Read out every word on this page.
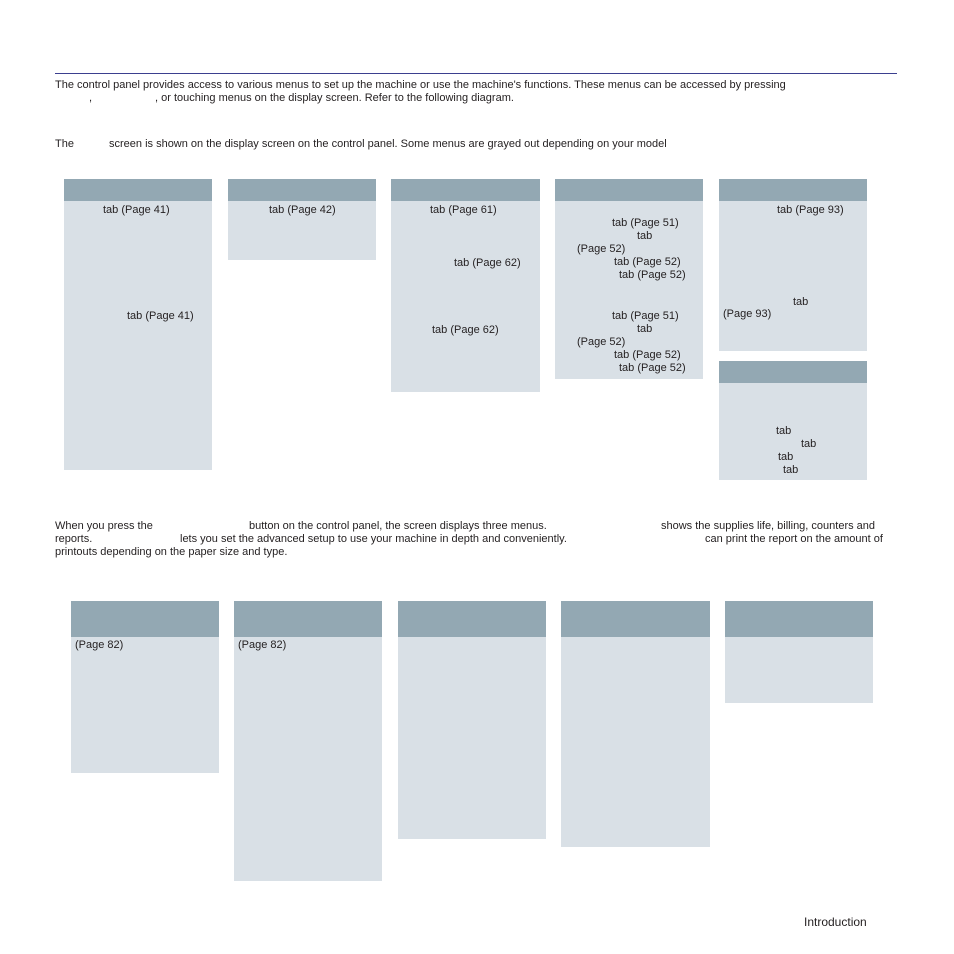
The control panel provides access to various menus to set up the machine or use the machine's functions. These menus can be accessed by pressing
,	, or touching menus on the display screen. Refer to the following diagram.
The	screen is shown on the display screen on the control panel. Some menus are grayed out depending on your model
tab (Page 41)
tab (Page 41)
tab (Page 42)	tab (Page 61)
tab (Page 62)
tab (Page 62)
tab (Page 51)
tab
(Page 52)
tab (Page 52)
tab (Page 52)
tab (Page 51)
tab
(Page 52)
tab (Page 52)
tab (Page 52)
tab (Page 93)
tab
(Page 93)
tab
tab
tab
tab
When you press the	button on the control panel, the screen displays three menus.	shows the supplies life, billing, counters and
reports.	lets you set the advanced setup to use your machine in depth and conveniently.	can print the report on the amount of
printouts depending on the paper size and type.
(Page 82)	(Page 82)
Introduction
